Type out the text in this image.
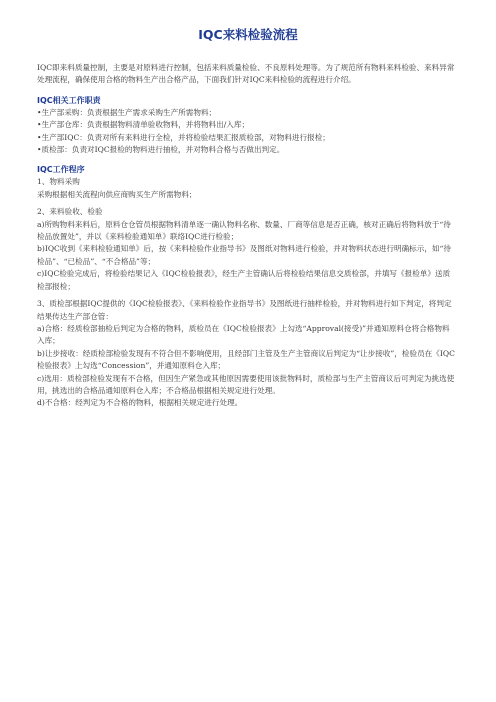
IQC来料检验流程

IQC即来料质量控制，主要是对原料进行控制，包括来料质量检验、不良原料处理等。为了规范所有物料来料检验、来料异常处理流程，确保使用合格的物料生产出合格产品，下面我们针对IQC来料检验的流程进行介绍。

IQC相关工作职责

•生产部采购：负责根据生产需求采购生产所需物料；

•生产部仓库：负责根据物料清单验收物料，并将物料出/入库；

•生产部IQC：负责对所有来料进行全检，并将检验结果汇报质检部，对物料进行报检；

•质检部：负责对IQC报检的物料进行抽检，并对物料合格与否做出判定。

IQC工作程序

1、物料采购

采购根据相关流程向供应商购买生产所需物料；

2、来料验收、检验

a)所购物料来料后，原料仓仓管员根据物料清单逐一确认物料名称、数量、厂商等信息是否正确，核对正确后将物料放于“待检品放置处”，并以《来料检验通知单》联络IQC进行检验；

b)IQC收到《来料检验通知单》后，按《来料检验作业指导书》及图纸对物料进行检验，并对物料状态进行明确标示，如“待检品”、“已检品”、“不合格品”等；

c)IQC检验完成后，将检验结果记入《IQC检验报表》，经生产主管确认后将检验结果信息交质检部，并填写《报检单》送质检部报检；

3、质检部根据IQC提供的《IQC检验报表》、《来料检验作业指导书》及图纸进行抽样检验，并对物料进行如下判定，将判定结果传达生产部仓管：

a)合格：经质检部抽检后判定为合格的物料，质检员在《IQC检验报表》上勾选“Approval(接受)”并通知原料仓将合格物料入库；

b)让步接收：经质检部检验发现有不符合但不影响使用，且经部门主管及生产主管商议后判定为“让步接收”，检验员在《IQC检验报表》上勾选“Concession”，并通知原料仓入库；

c)选用：质检部检验发现有不合格，但因生产紧急或其他原因需要使用该批物料时，质检部与生产主管商议后可判定为挑选使用，挑选出的合格品通知原料仓入库；不合格品根据相关规定进行处理。

d)不合格：经判定为不合格的物料，根据相关规定进行处理。
